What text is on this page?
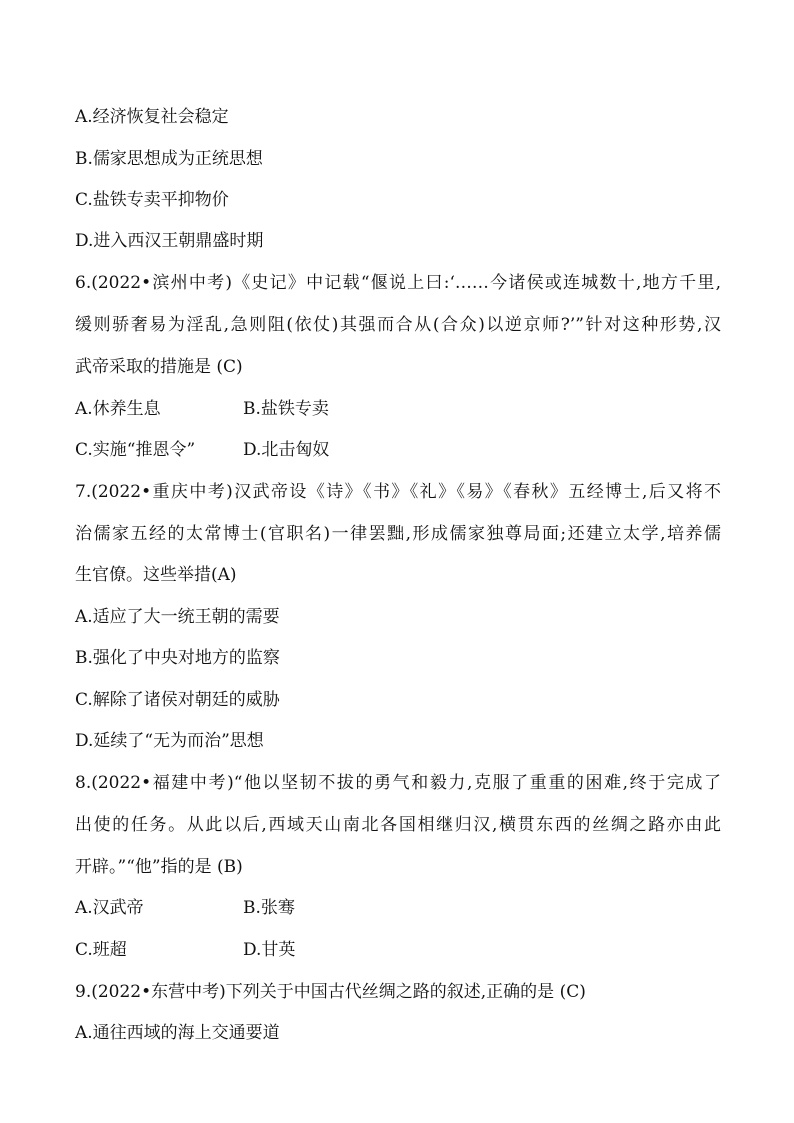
A.经济恢复社会稳定
B.儒家思想成为正统思想
C.盐铁专卖平抑物价
D.进入西汉王朝鼎盛时期
6.(2022•滨州中考)《史记》中记载“偃说上曰:‘……今诸侯或连城数十,地方千里,
缓则骄奢易为淫乱,急则阻(依仗)其强而合从(合众)以逆京师?’”针对这种形势,汉
武帝采取的措施是 (C)
A.休养生息	B.盐铁专卖
C.实施“推恩令”	D.北击匈奴
7.(2022•重庆中考)汉武帝设《诗》《书》《礼》《易》《春秋》五经博士,后又将不
治儒家五经的太常博士(官职名)一律罢黜,形成儒家独尊局面;还建立太学,培养儒
生官僚。这些举措(A)
A.适应了大一统王朝的需要
B.强化了中央对地方的监察
C.解除了诸侯对朝廷的威胁
D.延续了“无为而治”思想
8.(2022•福建中考)“他以坚韧不拔的勇气和毅力,克服了重重的困难,终于完成了
出使的任务。从此以后,西域天山南北各国相继归汉,横贯东西的丝绸之路亦由此
开辟。”“他”指的是 (B)
A.汉武帝	B.张骞
C.班超	D.甘英
9.(2022•东营中考)下列关于中国古代丝绸之路的叙述,正确的是 (C)
A.通往西域的海上交通要道
